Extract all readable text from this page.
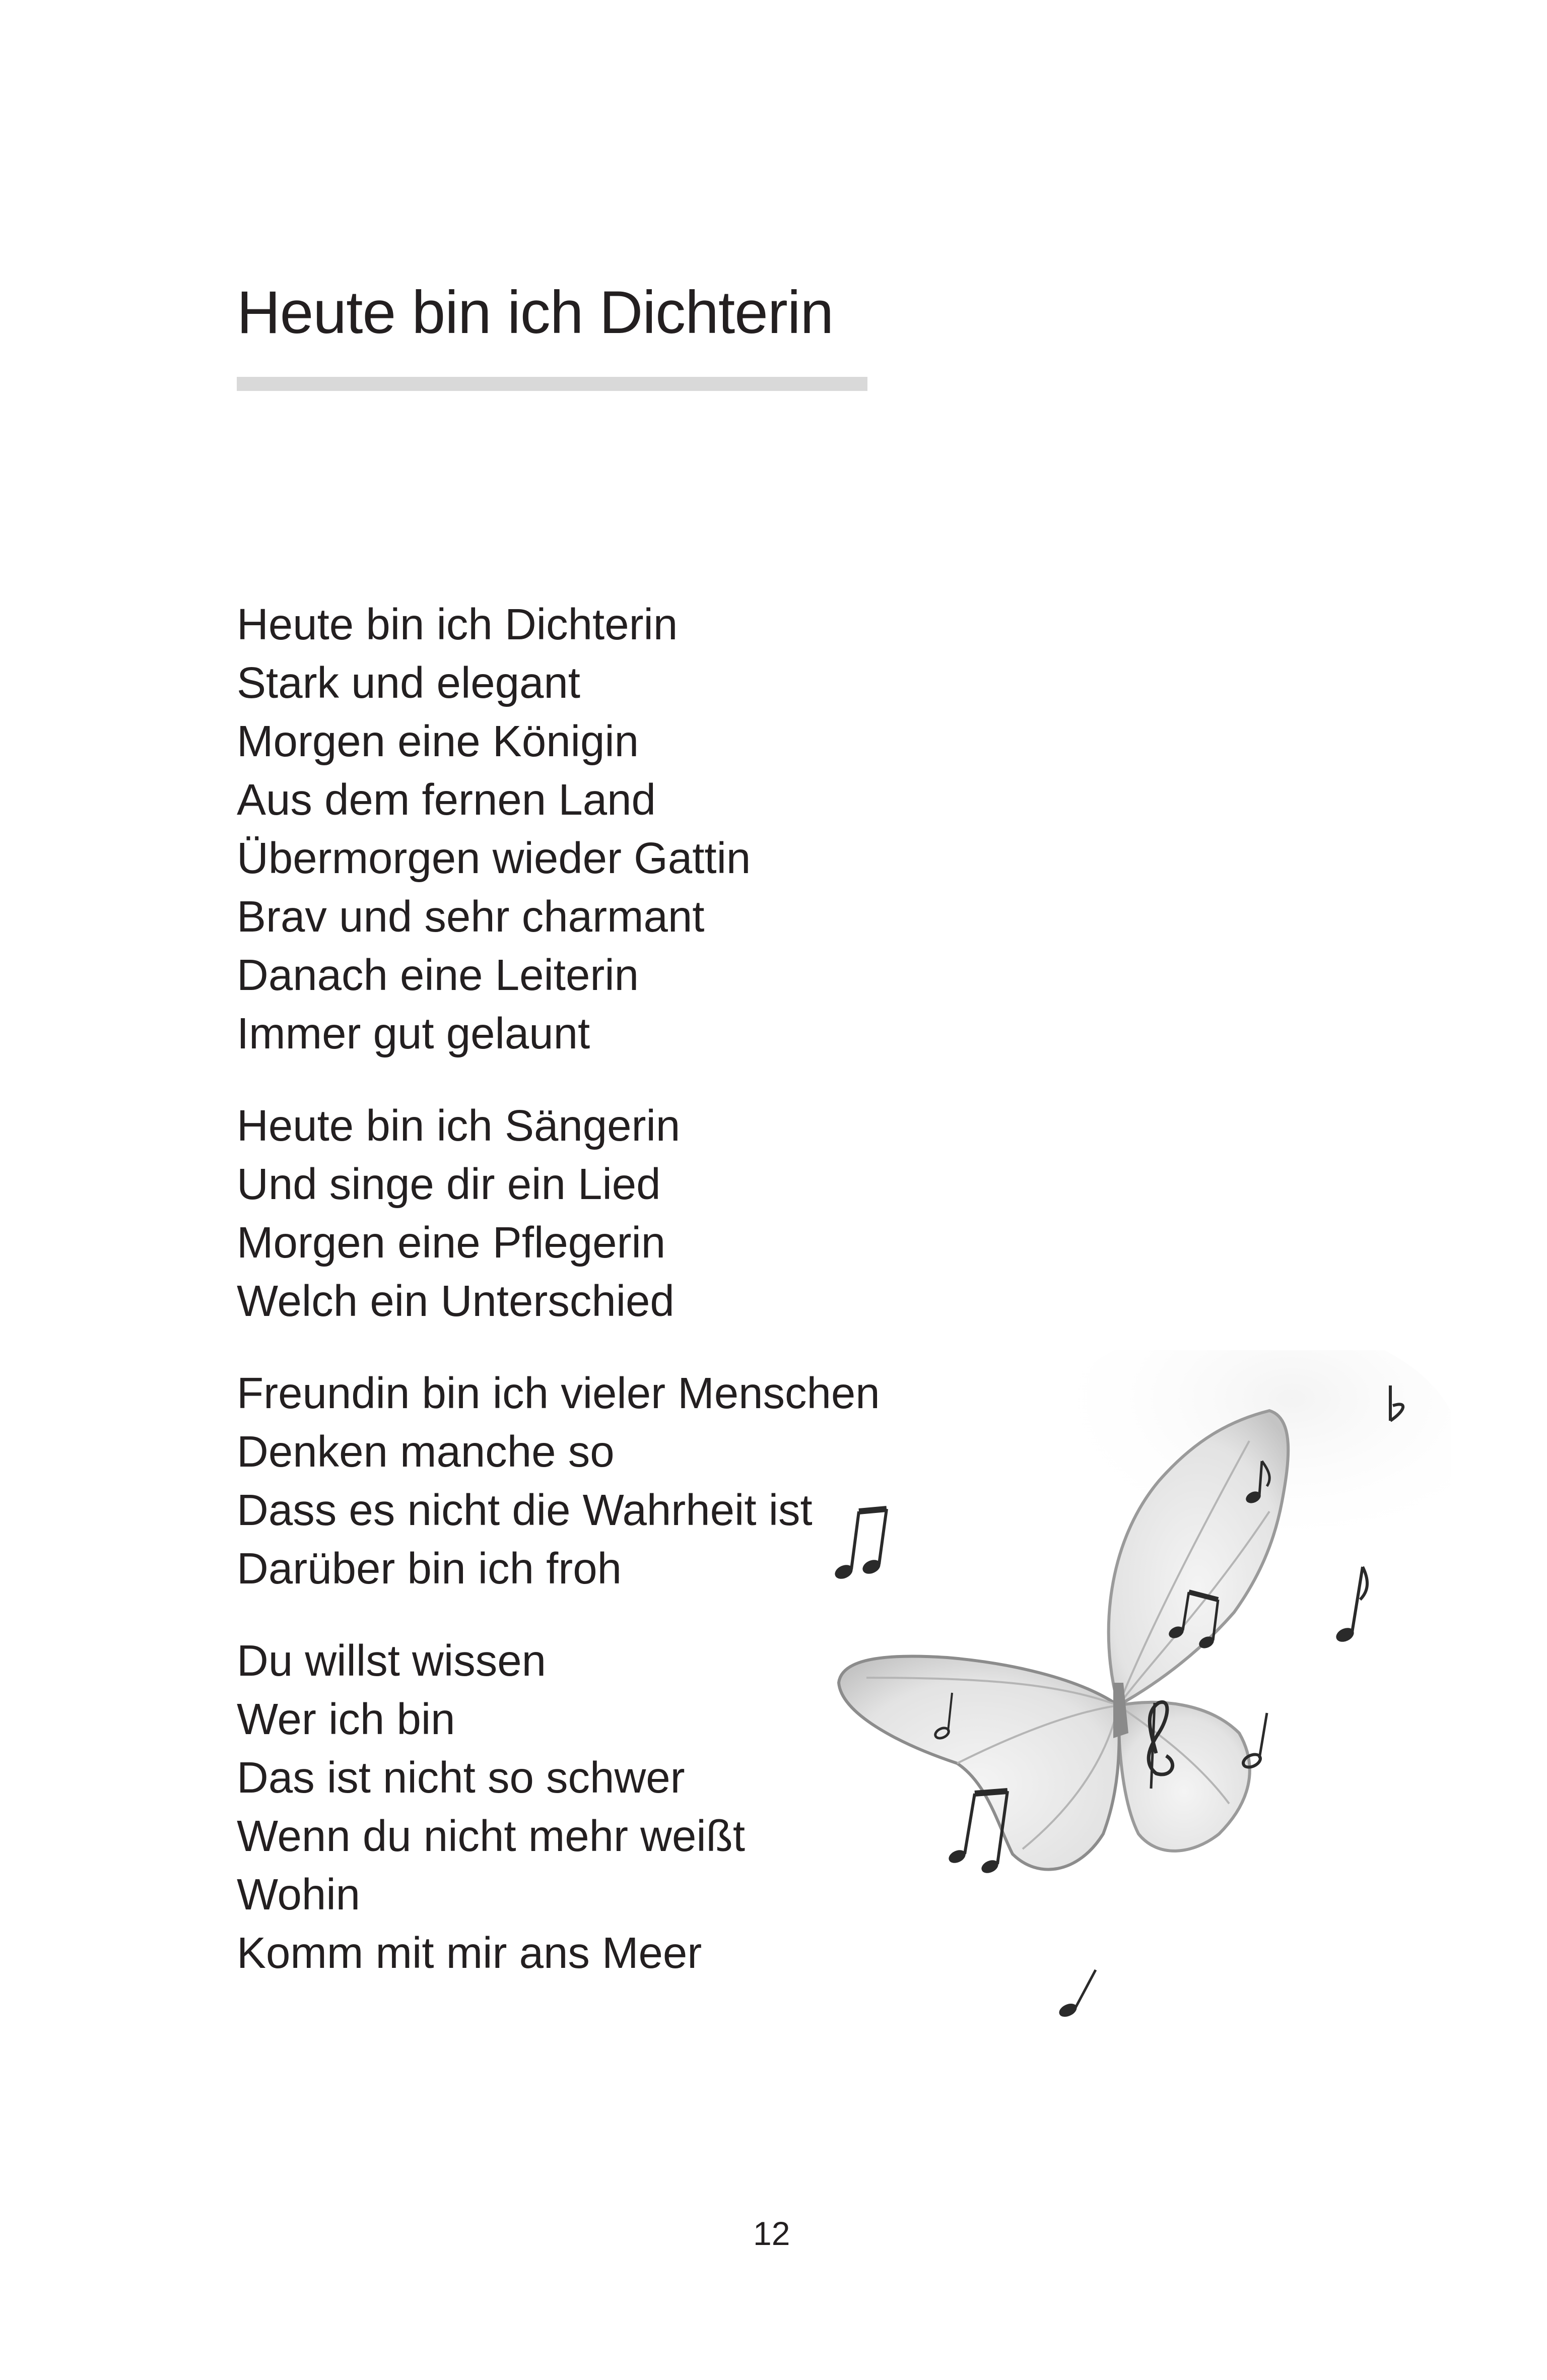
Heute bin ich Dichterin
Heute bin ich Dichterin
Stark und elegant
Morgen eine Königin
Aus dem fernen Land
Übermorgen wieder Gattin
Brav und sehr charmant
Danach eine Leiterin
Immer gut gelaunt
Heute bin ich Sängerin
Und singe dir ein Lied
Morgen eine Pflegerin
Welch ein Unterschied
Freundin bin ich vieler Menschen
Denken manche so
Dass es nicht die Wahrheit ist
Darüber bin ich froh
Du willst wissen
Wer ich bin
Das ist nicht so schwer
Wenn du nicht mehr weißt
Wohin
Komm mit mir ans Meer
12
